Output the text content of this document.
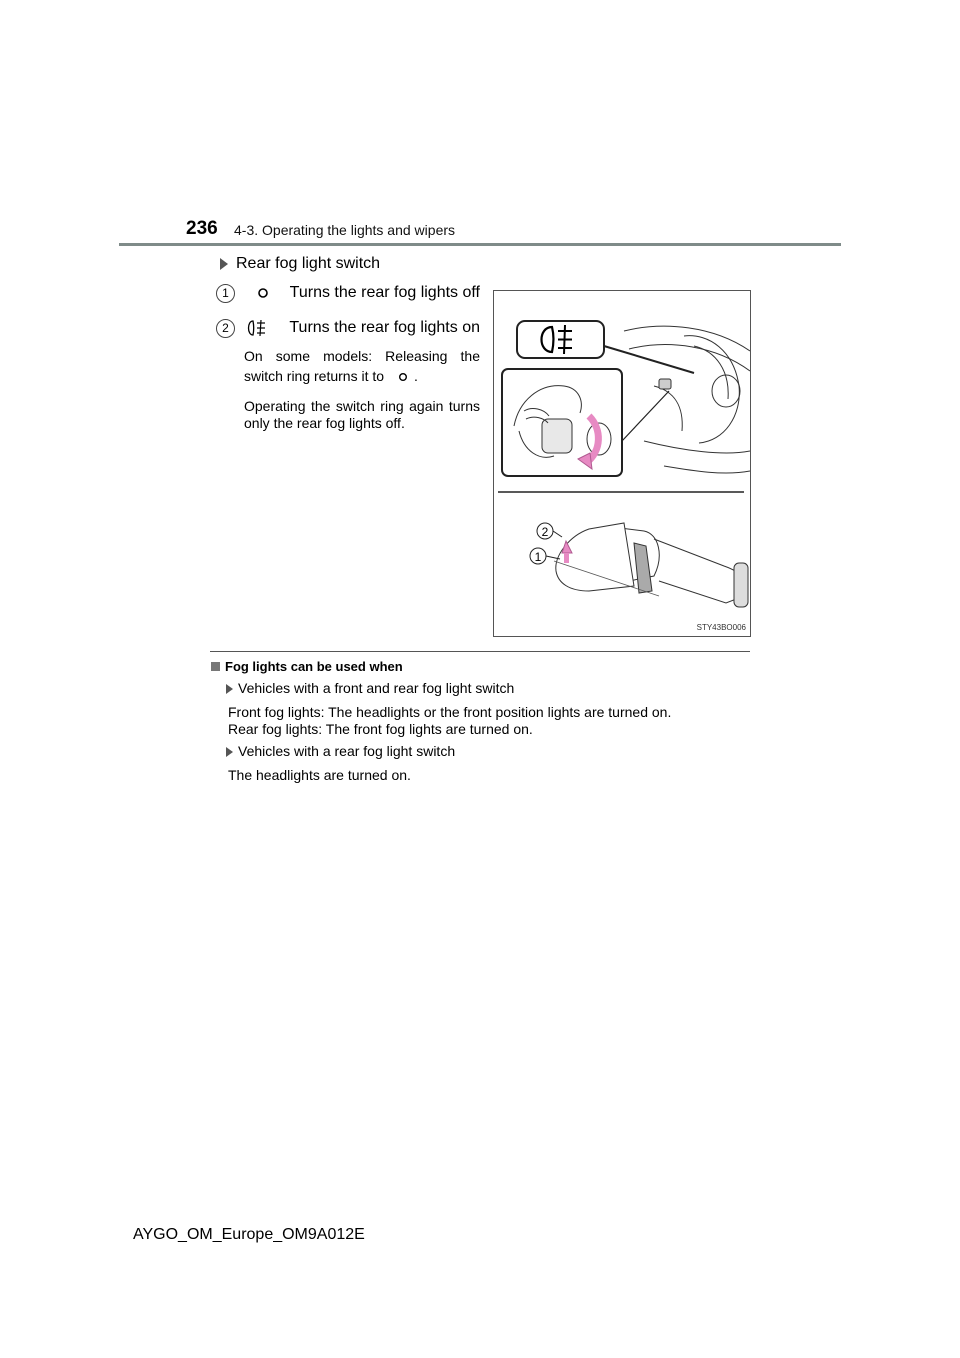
236 4-3. Operating the lights and wipers
Rear fog light switch
1	Turns the rear fog lights off
2	Turns the rear fog lights on
On some models: Releasing the switch ring returns it to .
Operating the switch ring again turns only the rear fog lights off.
2
1
STY43BO006
Fog lights can be used when
Vehicles with a front and rear fog light switch
Front fog lights: The headlights or the front position lights are turned on.
Rear fog lights: The front fog lights are turned on.
Vehicles with a rear fog light switch
The headlights are turned on.
AYGO_OM_Europe_OM9A012E
